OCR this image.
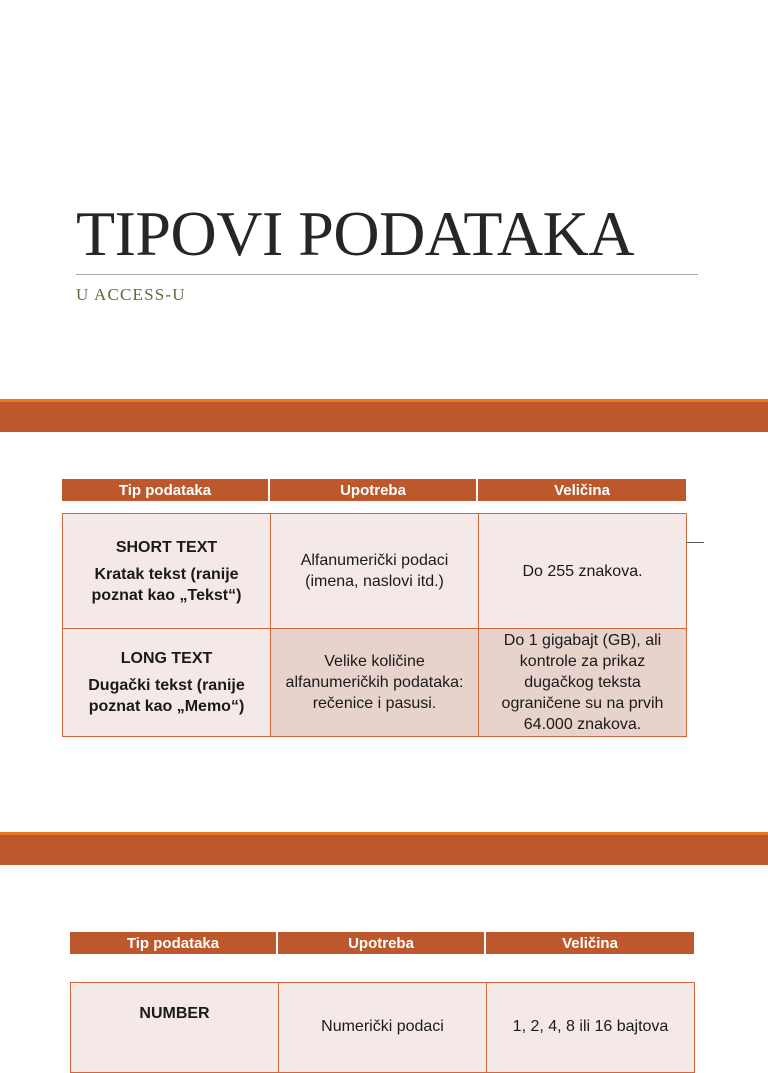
TIPOVI PODATAKA

U ACCESS-U

Tip podataka	Upotreba	Veličina
SHORT TEXT
Kratak tekst (ranije poznat kao „Tekst“)	Alfanumerički podaci (imena, naslovi itd.)	Do 255 znakova.

LONG TEXT
Dugački tekst (ranije poznat kao „Memo“)	Velike količine alfanumeričkih podataka: rečenice i pasusi.	Do 1 gigabajt (GB), ali kontrole za prikaz dugačkog teksta ograničene su na prvih 64.000 znakova.
Tip podataka	Upotreba	Veličina
NUMBER
	Numerički podaci	1, 2, 4, 8 ili 16 bajtova
